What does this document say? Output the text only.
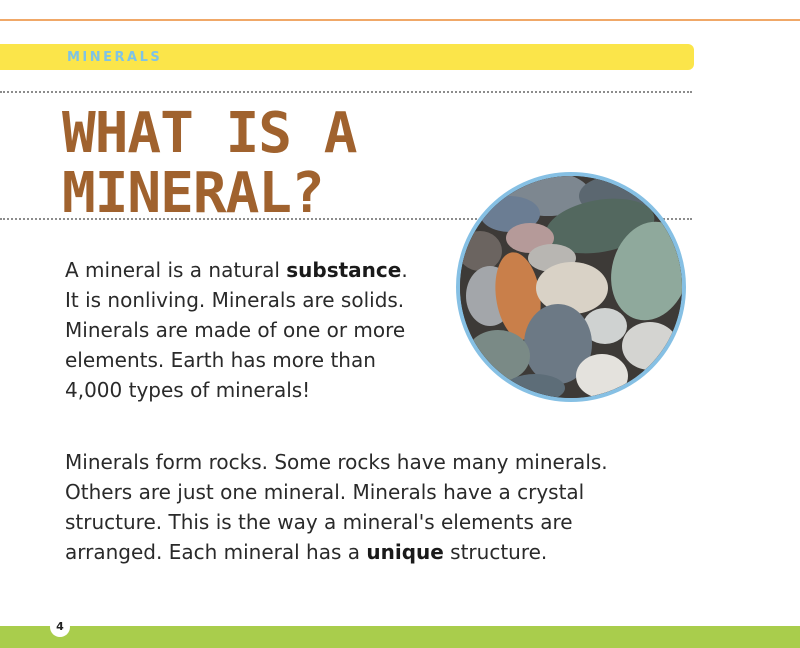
MINERALS
WHAT IS A
MINERAL?

A mineral is a natural substance. It is nonliving. Minerals are solids. Minerals are made of one or more elements. Earth has more than 4,000 types of minerals!

Minerals form rocks. Some rocks have many minerals. Others are just one mineral. Minerals have a crystal structure. This is the way a mineral's elements are arranged. Each mineral has a unique structure.

4
